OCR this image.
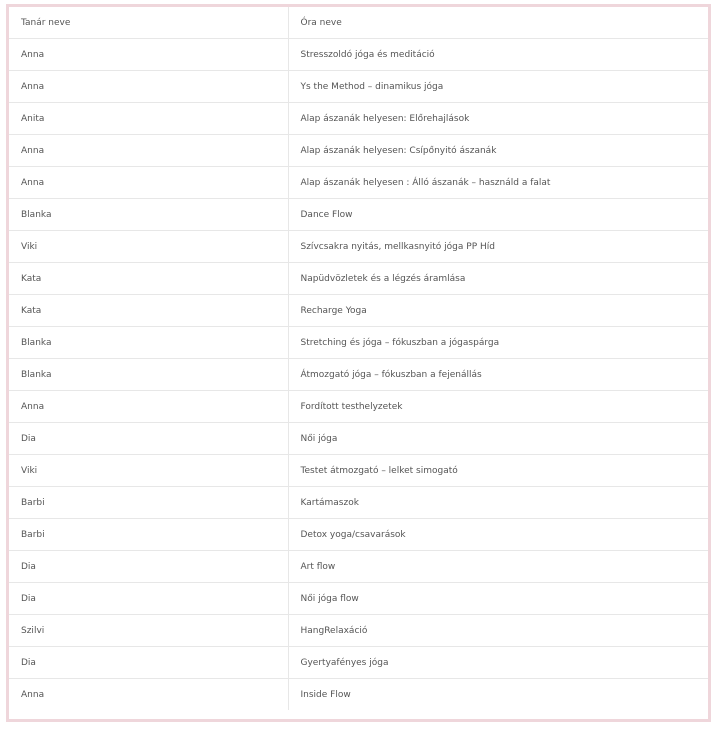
Tanár neve	Óra neve
Anna	Stresszoldó jóga és meditáció
Anna	Ys the Method – dinamikus jóga
Anita	Alap ászanák helyesen: Előrehajlások
Anna	Alap ászanák helyesen: Csípőnyitó ászanák
Anna	Alap ászanák helyesen : Álló ászanák – használd a falat
Blanka	Dance Flow
Viki	Szívcsakra nyitás, mellkasnyitó jóga PP Híd
Kata	Napüdvözletek és a légzés áramlása
Kata	Recharge Yoga
Blanka	Stretching és jóga – fókuszban a jógaspárga
Blanka	Átmozgató jóga – fókuszban a fejenállás
Anna	Fordított testhelyzetek
Dia	Női jóga
Viki	Testet átmozgató – lelket simogató
Barbi	Kartámaszok
Barbi	Detox yoga/csavarások
Dia	Art flow
Dia	Női jóga flow
Szilvi	HangRelaxáció
Dia	Gyertyafényes jóga
Anna	Inside Flow
